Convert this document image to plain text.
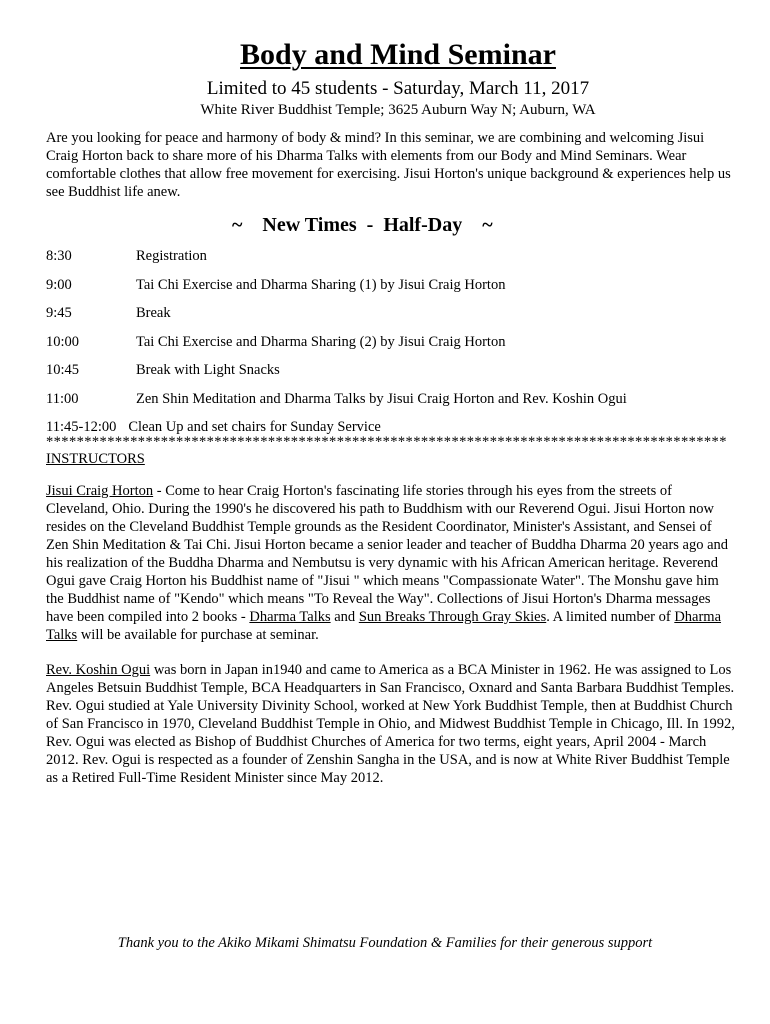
Body and Mind Seminar
Limited to 45 students - Saturday, March 11, 2017
White River Buddhist Temple; 3625 Auburn Way N; Auburn, WA

Are you looking for peace and harmony of body & mind? In this seminar, we are combining and welcoming Jisui Craig Horton back to share more of his Dharma Talks with elements from our Body and Mind Seminars. Wear comfortable clothes that allow free movement for exercising. Jisui Horton's unique background & experiences help us see Buddhist life anew.

~    New Times  -  Half-Day    ~
8:30	Registration
9:00	Tai Chi Exercise and Dharma Sharing (1) by Jisui Craig Horton
9:45	Break
10:00	Tai Chi Exercise and Dharma Sharing (2) by Jisui Craig Horton
10:45	Break with Light Snacks
11:00	Zen Shin Meditation and Dharma Talks by Jisui Craig Horton and Rev. Koshin Ogui
11:45-12:00 Clean Up and set chairs for Sunday Service
*****************************************************************************************
INSTRUCTORS

Jisui Craig Horton - Come to hear Craig Horton's fascinating life stories through his eyes from the streets of Cleveland, Ohio. During the 1990's he discovered his path to Buddhism with our Reverend Ogui. Jisui Horton now resides on the Cleveland Buddhist Temple grounds as the Resident Coordinator, Minister's Assistant, and Sensei of Zen Shin Meditation & Tai Chi. Jisui Horton became a senior leader and teacher of Buddha Dharma 20 years ago and his realization of the Buddha Dharma and Nembutsu is very dynamic with his African American heritage. Reverend Ogui gave Craig Horton his Buddhist name of "Jisui " which means "Compassionate Water". The Monshu gave him the Buddhist name of "Kendo" which means "To Reveal the Way". Collections of Jisui Horton's Dharma messages have been compiled into 2 books - Dharma Talks and Sun Breaks Through Gray Skies. A limited number of Dharma Talks will be available for purchase at seminar.

Rev. Koshin Ogui was born in Japan in1940 and came to America as a BCA Minister in 1962. He was assigned to Los Angeles Betsuin Buddhist Temple, BCA Headquarters in San Francisco, Oxnard and Santa Barbara Buddhist Temples. Rev. Ogui studied at Yale University Divinity School, worked at New York Buddhist Temple, then at Buddhist Church of San Francisco in 1970, Cleveland Buddhist Temple in Ohio, and Midwest Buddhist Temple in Chicago, Ill. In 1992, Rev. Ogui was elected as Bishop of Buddhist Churches of America for two terms, eight years, April 2004 - March 2012. Rev. Ogui is respected as a founder of Zenshin Sangha in the USA, and is now at White River Buddhist Temple as a Retired Full-Time Resident Minister since May 2012.

Thank you to the Akiko Mikami Shimatsu Foundation & Families for their generous support
